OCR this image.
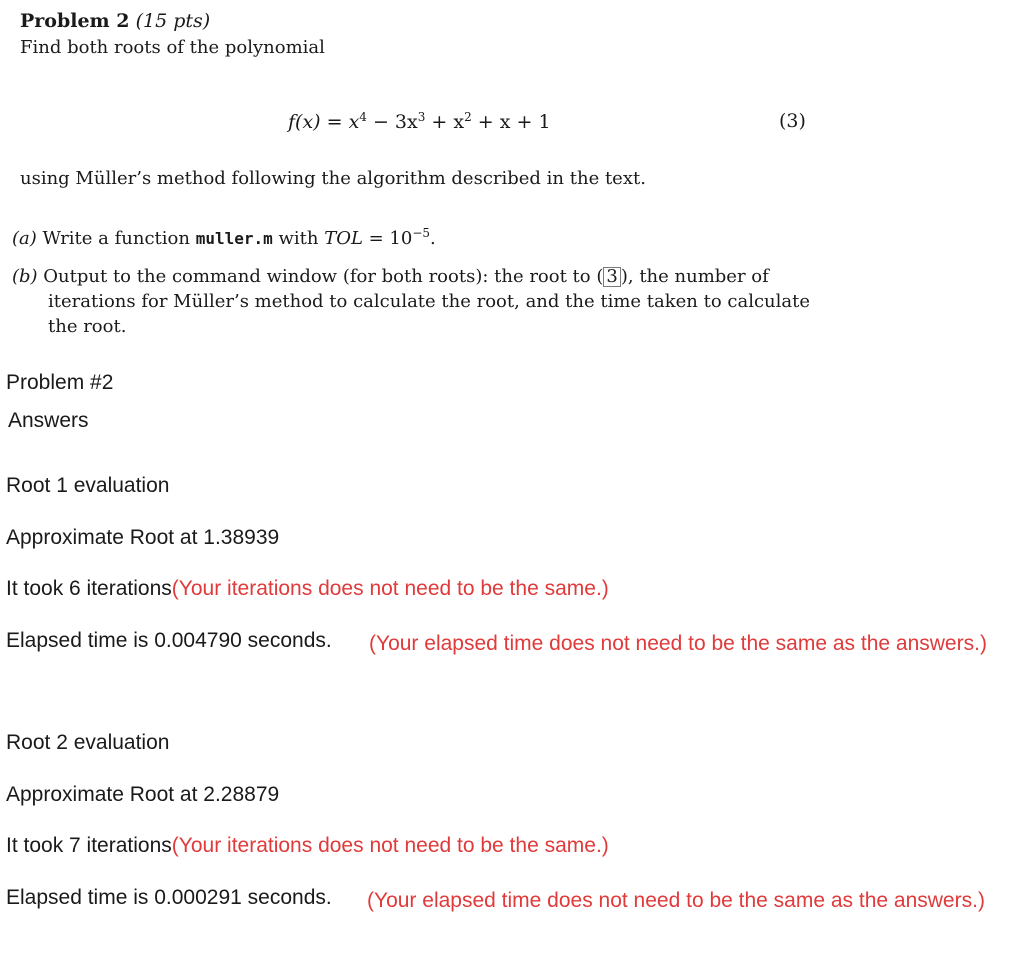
Problem 2 (15 pts)
Find both roots of the polynomial
$f(x) = x^4 - 3x^3 + x^2 + x + 1$	(3)
using Müller’s method following the algorithm described in the text.
(a) Write a function muller.m with TOL = $10^{-5}$.
(b) Output to the command window (for both roots): the root to ( 3 ), the number of
iterations for Müller’s method to calculate the root, and the time taken to calculate
the root.
Problem #2
Answers
Root 1 evaluation
Approximate Root at 1.38939
It took 6 iterations(Your iterations does not need to be the same.)
Elapsed time is 0.004790 seconds. (Your elapsed time does not need to be the same as the answers.)
Root 2 evaluation
Approximate Root at 2.28879
It took 7 iterations(Your iterations does not need to be the same.)
Elapsed time is 0.000291 seconds. (Your elapsed time does not need to be the same as the answers.)
